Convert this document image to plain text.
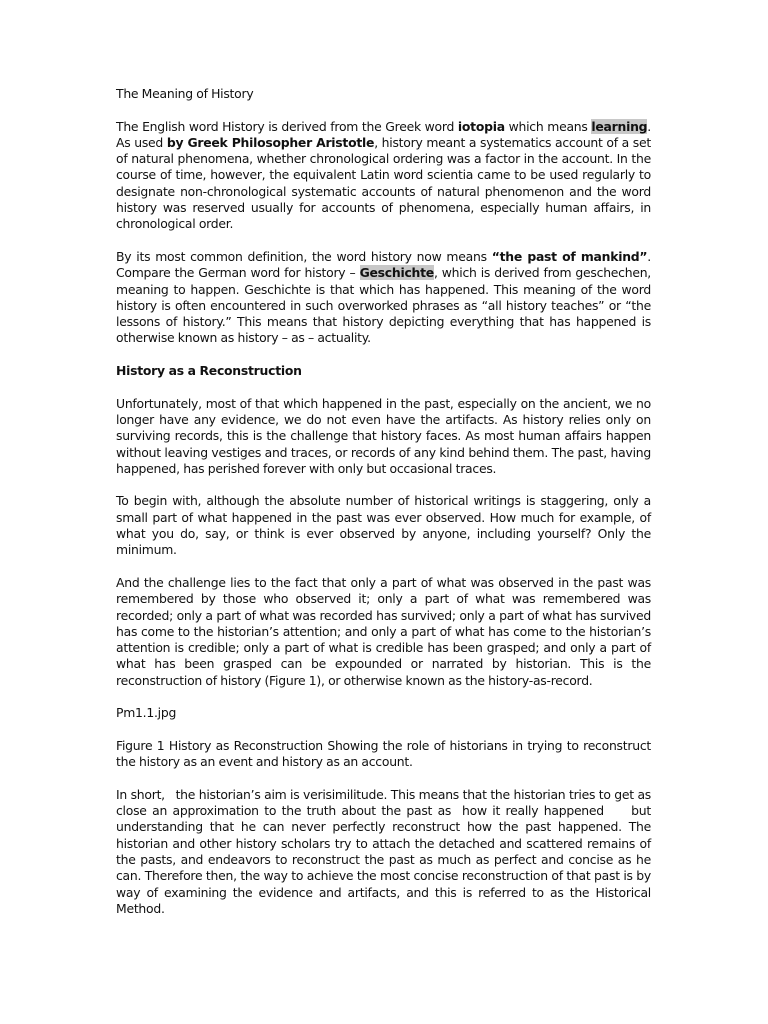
The Meaning of History

The English word History is derived from the Greek word iotopia which means learning. As used by Greek Philosopher Aristotle, history meant a systematics account of a set of natural phenomena, whether chronological ordering was a factor in the account. In the course of time, however, the equivalent Latin word scientia came to be used regularly to designate non-chronological systematic accounts of natural phenomenon and the word history was reserved usually for accounts of phenomena, especially human affairs, in chronological order.

By its most common definition, the word history now means “the past of mankind”. Compare the German word for history – Geschichte, which is derived from geschechen, meaning to happen. Geschichte is that which has happened. This meaning of the word history is often encountered in such overworked phrases as “all history teaches” or “the lessons of history.” This means that history depicting everything that has happened is otherwise known as history – as – actuality.

History as a Reconstruction

Unfortunately, most of that which happened in the past, especially on the ancient, we no longer have any evidence, we do not even have the artifacts. As history relies only on surviving records, this is the challenge that history faces. As most human affairs happen without leaving vestiges and traces, or records of any kind behind them. The past, having happened, has perished forever with only but occasional traces.

To begin with, although the absolute number of historical writings is staggering, only a small part of what happened in the past was ever observed. How much for example, of what you do, say, or think is ever observed by anyone, including yourself? Only the minimum.

And the challenge lies to the fact that only a part of what was observed in the past was remembered by those who observed it; only a part of what was remembered was recorded; only a part of what was recorded has survived; only a part of what has survived has come to the historian’s attention; and only a part of what has come to the historian’s attention is credible; only a part of what is credible has been grasped; and only a part of what has been grasped can be expounded or narrated by historian. This is the reconstruction of history (Figure 1), or otherwise known as the history-as-record.

Pm1.1.jpg

Figure 1 History as Reconstruction Showing the role of historians in trying to reconstruct the history as an event and history as an account.

In short,   the historian’s aim is verisimilitude. This means that the historian tries to get as close an approximation to the truth about the past as  how it really happened     but understanding that he can never perfectly reconstruct how the past happened. The historian and other history scholars try to attach the detached and scattered remains of the pasts, and endeavors to reconstruct the past as much as perfect and concise as he can. Therefore then, the way to achieve the most concise reconstruction of that past is by way of examining the evidence and artifacts, and this is referred to as the Historical Method.
